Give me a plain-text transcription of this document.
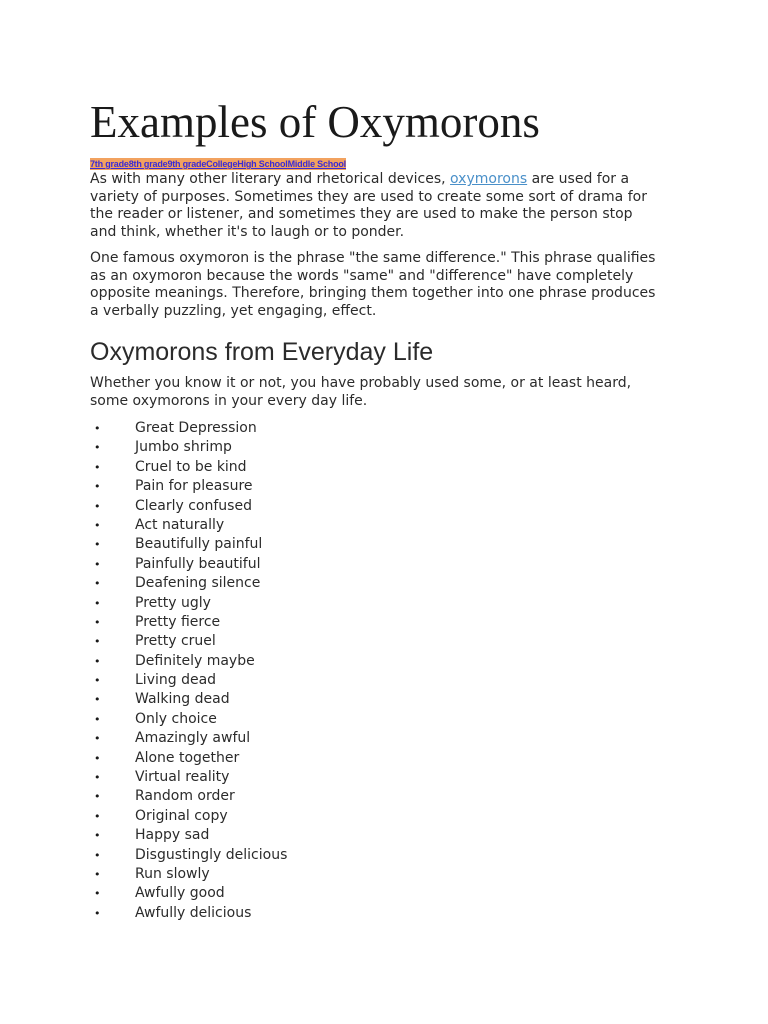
Examples of Oxymorons
7th grade8th grade9th gradeCollegeHigh SchoolMiddle School

As with many other literary and rhetorical devices, oxymorons are used for a
variety of purposes. Sometimes they are used to create some sort of drama for
the reader or listener, and sometimes they are used to make the person stop
and think, whether it's to laugh or to ponder.

One famous oxymoron is the phrase "the same difference." This phrase qualifies
as an oxymoron because the words "same" and "difference" have completely
opposite meanings. Therefore, bringing them together into one phrase produces
a verbally puzzling, yet engaging, effect.

Oxymorons from Everyday Life

Whether you know it or not, you have probably used some, or at least heard,
some oxymorons in your every day life.

• Great Depression
• Jumbo shrimp
• Cruel to be kind
• Pain for pleasure
• Clearly confused
• Act naturally
• Beautifully painful
• Painfully beautiful
• Deafening silence
• Pretty ugly
• Pretty fierce
• Pretty cruel
• Definitely maybe
• Living dead
• Walking dead
• Only choice
• Amazingly awful
• Alone together
• Virtual reality
• Random order
• Original copy
• Happy sad
• Disgustingly delicious
• Run slowly
• Awfully good
• Awfully delicious
